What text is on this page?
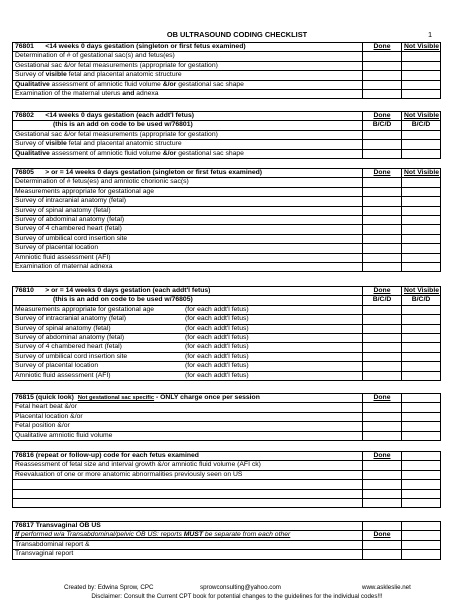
OB ULTRASOUND CODING CHECKLIST	1
76801 <14 weeks 0 days gestation (singleton or first fetus examined)	Done	Not Visible
Determination of # of gestational sac(s) and fetus(es)		
Gestational sac &/or fetal measurements (appropriate for gestation)		
Survey of visible fetal and placental anatomic structure		
Qualitative assessment of amniotic fluid volume &/or gestational sac shape		
Examination of the maternal uterus and adnexa		
76802 <14 weeks 0 days gestation (each addt'l fetus)	Done	Not Visible
(this is an add on code to be used w/76801)	B/C/D	B/C/D
Gestational sac &/or fetal measurements (appropriate for gestation)		
Survey of visible fetal and placental anatomic structure		
Qualitative assessment of amniotic fluid volume &/or gestational sac shape		
76805 > or = 14 weeks 0 days gestation (singleton or first fetus examined)	Done	Not Visible
Determination of # fetus(es) and amniotic chorionic sac(s)		
Measurements appropriate for gestational age		
Survey of intracranial anatomy (fetal)		
Survey of spinal anatomy (fetal)		
Survey of abdominal anatomy (fetal)		
Survey of 4 chambered heart (fetal)		
Survey of umbilical cord insertion site		
Survey of placental location		
Amniotic fluid assessment (AFI)		
Examination of maternal adnexa		
76810 > or = 14 weeks 0 days gestation (each addt'l fetus)	Done	Not Visible
(this is an add on code to be used w/76805)	B/C/D	B/C/D
Measurements appropriate for gestational age (for each addt'l fetus)		
Survey of intracranial anatomy (fetal) (for each addt'l fetus)		
Survey of spinal anatomy (fetal) (for each addt'l fetus)		
Survey of abdominal anatomy (fetal) (for each addt'l fetus)		
Survey of 4 chambered heart (fetal) (for each addt'l fetus)		
Survey of umbilical cord insertion site (for each addt'l fetus)		
Survey of placental location (for each addt'l fetus)		
Amniotic fluid assessment (AFI) (for each addt'l fetus)		
76815 (quick look) Not gestational sac specific - ONLY charge once per session	Done	
Fetal heart beat &/or		
Placental location &/or		
Fetal position &/or		
Qualitative amniotic fluid volume		
76816 (repeat or follow-up) code for each fetus examined	Done	
Reassessment of fetal size and interval growth &/or amniotic fluid volume (AFI ck)		
Reevaluation of one or more anatomic abnormalities previously seen on US		

76817 Transvaginal OB US		
If performed w/a Transabdominal/pelvic OB US: reports MUST be separate from each other	Done	
Transabdominal report &		
Transvaginal report		
Created by: Edwina Sprow, CPC	sprowconsulting@yahoo.com	www.askleslie.net
Disclaimer: Consult the Current CPT book for potential changes to the guidelines for the individual codes!!!
